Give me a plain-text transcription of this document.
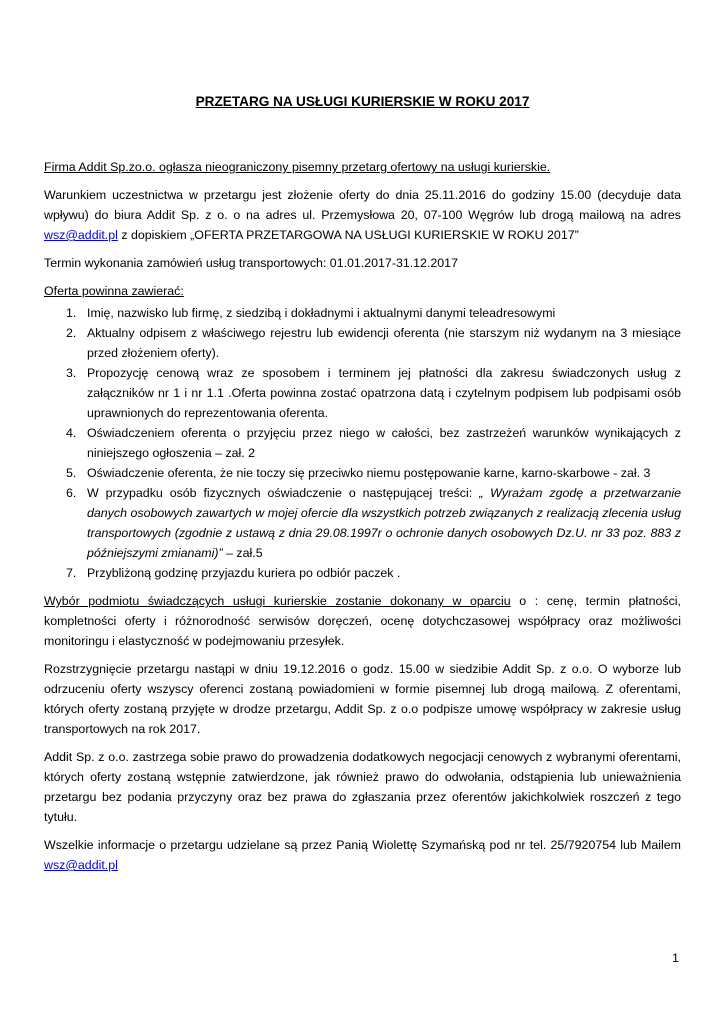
PRZETARG NA USŁUGI KURIERSKIE W ROKU 2017

Firma Addit Sp.zo.o. ogłasza nieograniczony pisemny przetarg ofertowy na usługi kurierskie.

Warunkiem uczestnictwa w przetargu jest złożenie oferty do dnia 25.11.2016 do godziny 15.00 (decyduje data wpływu) do biura Addit Sp. z o. o na adres ul. Przemysłowa 20, 07-100 Węgrów lub drogą mailową na adres wsz@addit.pl z dopiskiem „OFERTA PRZETARGOWA NA USŁUGI KURIERSKIE W ROKU 2017”

Termin wykonania zamówień usług transportowych: 01.01.2017-31.12.2017

Oferta powinna zawierać:

1. Imię, nazwisko lub firmę, z siedzibą i dokładnymi i aktualnymi danymi teleadresowymi
2. Aktualny odpisem z właściwego rejestru lub ewidencji oferenta (nie starszym niż wydanym na 3 miesiące przed złożeniem oferty).
3. Propozycję cenową wraz ze sposobem i terminem jej płatności dla zakresu świadczonych usług z załączników nr 1 i nr 1.1 .Oferta powinna zostać opatrzona datą i czytelnym podpisem lub podpisami osób uprawnionych do reprezentowania oferenta.
4. Oświadczeniem oferenta o przyjęciu przez niego w całości, bez zastrzeżeń warunków wynikających z niniejszego ogłoszenia – zał. 2
5. Oświadczenie oferenta, że nie toczy się przeciwko niemu postępowanie karne, karno-skarbowe - zał. 3
6. W przypadku osób fizycznych oświadczenie o następującej treści: „ Wyrażam zgodę a przetwarzanie danych osobowych zawartych w mojej ofercie dla wszystkich potrzeb związanych z realizacją zlecenia usług transportowych (zgodnie z ustawą z dnia 29.08.1997r o ochronie danych osobowych Dz.U. nr 33 poz. 883 z późniejszymi zmianami)” – zał.5
7. Przybliżoną godzinę przyjazdu kuriera po odbiór paczek .

Wybór podmiotu świadczących usługi kurierskie zostanie dokonany w oparciu o : cenę, termin płatności, kompletności oferty i różnorodność serwisów doręczeń, ocenę dotychczasowej współpracy oraz możliwości monitoringu i elastyczność w podejmowaniu przesyłek.

Rozstrzygnięcie przetargu nastąpi w dniu 19.12.2016 o godz. 15.00 w siedzibie Addit Sp. z o.o. O wyborze lub odrzuceniu oferty wszyscy oferenci zostaną powiadomieni w formie pisemnej lub drogą mailową. Z oferentami, których oferty zostaną przyjęte w drodze przetargu, Addit Sp. z o.o podpisze umowę współpracy w zakresie usług transportowych na rok 2017.

Addit Sp. z o.o. zastrzega sobie prawo do prowadzenia dodatkowych negocjacji cenowych z wybranymi oferentami, których oferty zostaną wstępnie zatwierdzone, jak również prawo do odwołania, odstąpienia lub unieważnienia przetargu bez podania przyczyny oraz bez prawa do zgłaszania przez oferentów jakichkolwiek roszczeń z tego tytułu.

Wszelkie informacje o przetargu udzielane są przez Panią Wiolettę Szymańską pod nr tel. 25/7920754 lub Mailem wsz@addit.pl

1
